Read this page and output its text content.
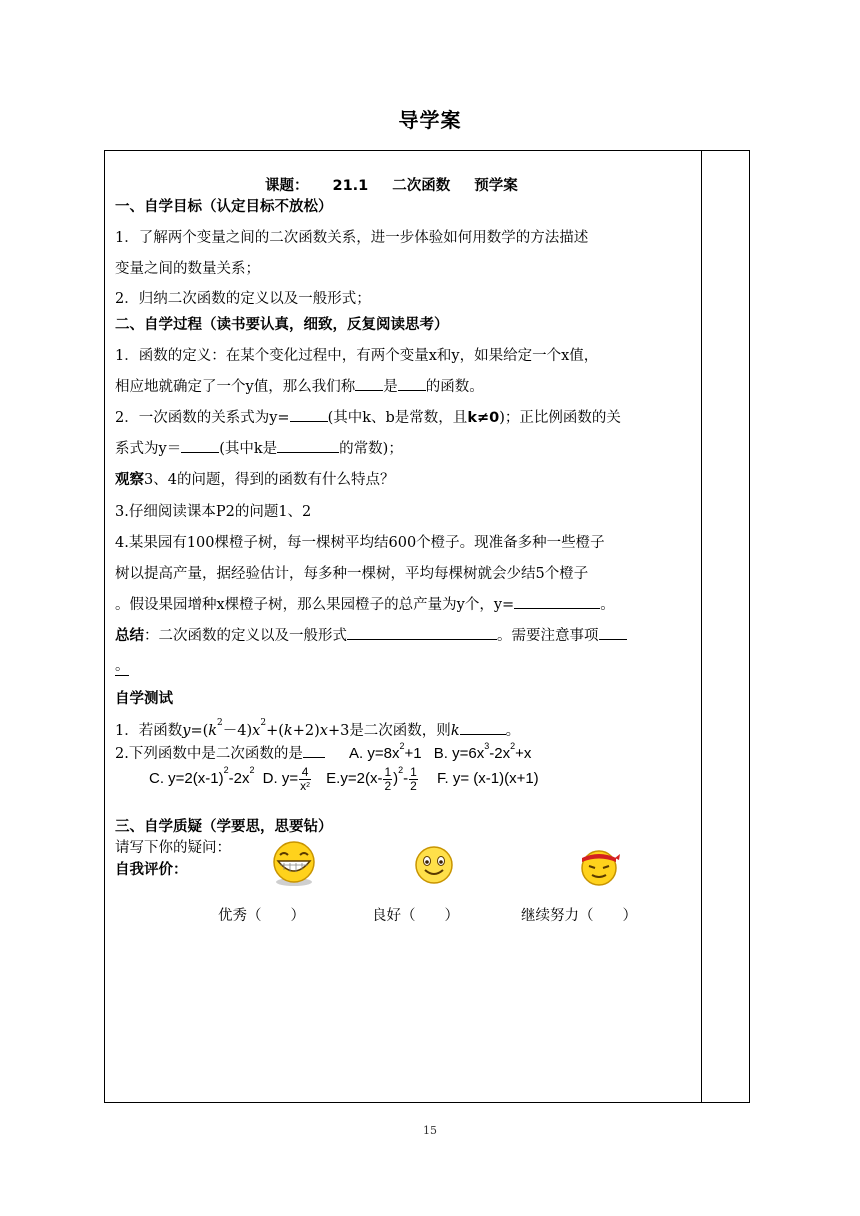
导学案
课题： 21.1 二次函数 预学案
一、自学目标（认定目标不放松）
1．了解两个变量之间的二次函数关系，进一步体验如何用数学的方法描述
变量之间的数量关系；
2．归纳二次函数的定义以及一般形式；
二、自学过程（读书要认真，细致，反复阅读思考）
1．函数的定义：在某个变化过程中，有两个变量x和y，如果给定一个x值，
相应地就确定了一个y值，那么我们称 是 的函数。
2．一次函数的关系式为y=	(其中k、b是常数，且k≠0)；正比例函数的关
系式为y＝	(其中k是	的常数)；
观察3、4的问题，得到的函数有什么特点？
3.仔细阅读课本P2的问题1、2
4.某果园有100棵橙子树，每一棵树平均结600个橙子。现准备多种一些橙子
树以提高产量，据经验估计，每多种一棵树，平均每棵树就会少结5个橙子
。假设果园增种x棵橙子树，那么果园橙子的总产量为y个，y=	。
总结：二次函数的定义以及一般形式	。需要注意事项
。
自学测试
1．若函数$y=(k^2-4)x^2+(k+2)x+3$是二次函数，则k	。
2.下列函数中是二次函数的是	A. $y=8x^2+1$ B. $y=6x^3-2x^2+x$
C. $y=2(x-1)^2-2x^2$ D. $y= \frac{4}{x^2} E.y=2(x- \frac{1}{2} )^2- \frac{1}{2} F$. y= (x-1)(x+1)
三、自学质疑（学要思，思要钻）
请写下你的疑问：
自我评价：
优秀（　　）	良好（　　）	继续努力（　　）
15
